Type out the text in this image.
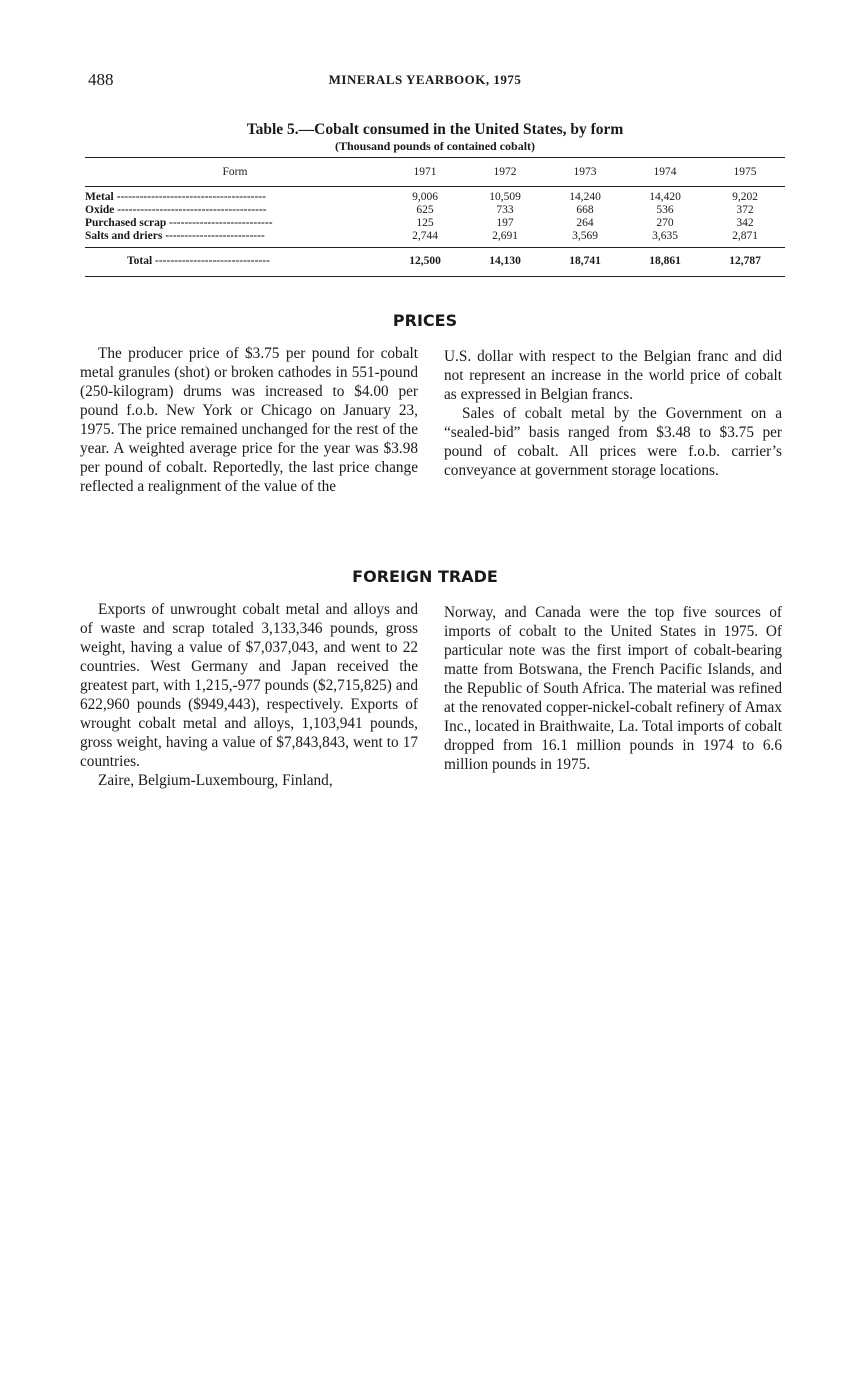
488	MINERALS YEARBOOK, 1975
Table 5.—Cobalt consumed in the United States, by form
(Thousand pounds of contained cobalt)
Form	1971	1972	1973	1974	1975
Metal ---------------------------------------	9,006	10,509	14,240	14,420	9,202
Oxide ---------------------------------------	625	733	668	536	372
Purchased scrap ---------------------------	125	197	264	270	342
Salts and driers --------------------------	2,744	2,691	3,569	3,635	2,871
Total ------------------------------	12,500	14,130	18,741	18,861	12,787
PRICES

The producer price of $3.75 per pound for cobalt metal granules (shot) or broken cathodes in 551-pound (250-kilogram) drums was increased to $4.00 per pound f.o.b. New York or Chicago on January 23, 1975. The price remained unchanged for the rest of the year. A weighted average price for the year was $3.98 per pound of cobalt. Reportedly, the last price change reflected a realignment of the value of the

U.S. dollar with respect to the Belgian franc and did not represent an increase in the world price of cobalt as expressed in Belgian francs.

Sales of cobalt metal by the Government on a “sealed-bid” basis ranged from $3.48 to $3.75 per pound of cobalt. All prices were f.o.b. carrier’s conveyance at government storage locations.

FOREIGN TRADE

Exports of unwrought cobalt metal and alloys and of waste and scrap totaled 3,133,346 pounds, gross weight, having a value of $7,037,043, and went to 22 countries. West Germany and Japan received the greatest part, with 1,215,-977 pounds ($2,715,825) and 622,960 pounds ($949,443), respectively. Exports of wrought cobalt metal and alloys, 1,103,941 pounds, gross weight, having a value of $7,843,843, went to 17 countries.

Zaire, Belgium-Luxembourg, Finland,

Norway, and Canada were the top five sources of imports of cobalt to the United States in 1975. Of particular note was the first import of cobalt-bearing matte from Botswana, the French Pacific Islands, and the Republic of South Africa. The material was refined at the renovated copper-nickel-cobalt refinery of Amax Inc., located in Braithwaite, La. Total imports of cobalt dropped from 16.1 million pounds in 1974 to 6.6 million pounds in 1975.
